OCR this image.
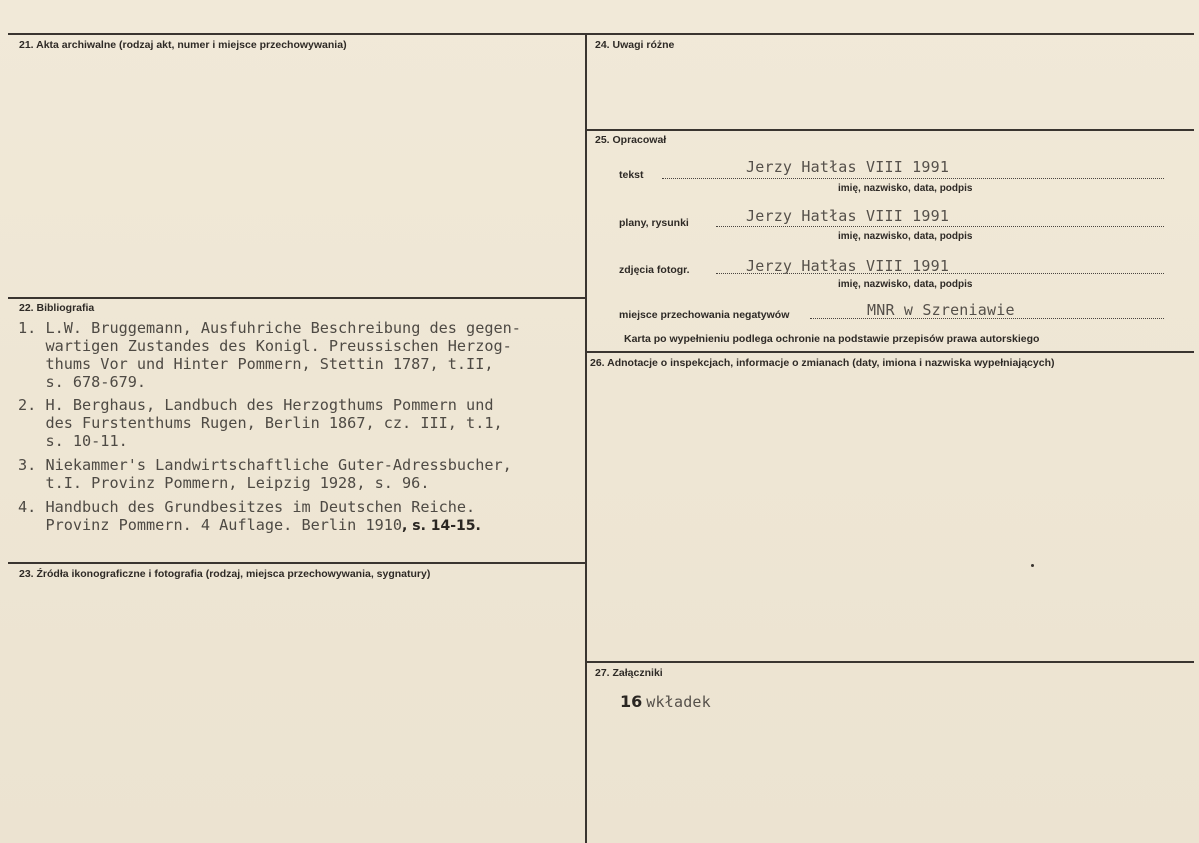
21. Akta archiwalne (rodzaj akt, numer i miejsce przechowywania)
22. Bibliografia
1. L.W. Bruggemann, Ausfuhriche Beschreibung des gegen-
wartigen Zustandes des Konigl. Preussischen Herzog-
thums Vor und Hinter Pommern, Stettin 1787, t.II,
s. 678-679.
2. H. Berghaus, Landbuch des Herzogthums Pommern und
des Furstenthums Rugen, Berlin 1867, cz. III, t.1,
s. 10-11.
3. Niekammer's Landwirtschaftliche Guter-Adressbucher,
t.I. Provinz Pommern, Leipzig 1928, s. 96.
4. Handbuch des Grundbesitzes im Deutschen Reiche.
Provinz Pommern. 4 Auflage. Berlin 1910, s. 14-15.
23. Źródła ikonograficzne i fotografia (rodzaj, miejsca przechowywania, sygnatury)
24. Uwagi różne
25. Opracował
tekst	Jerzy Hatłas VIII 1991
imię, nazwisko, data, podpis
plany, rysunki	Jerzy Hatłas VIII 1991
imię, nazwisko, data, podpis
zdjęcia fotogr.	Jerzy Hatłas VIII 1991
imię, nazwisko, data, podpis
miejsce przechowania negatywów	MNR w Szreniawie
Karta po wypełnieniu podlega ochronie na podstawie przepisów prawa autorskiego
26. Adnotacje o inspekcjach, informacje o zmianach (daty, imiona i nazwiska wypełniających)
27. Załączniki
16 wkładek
